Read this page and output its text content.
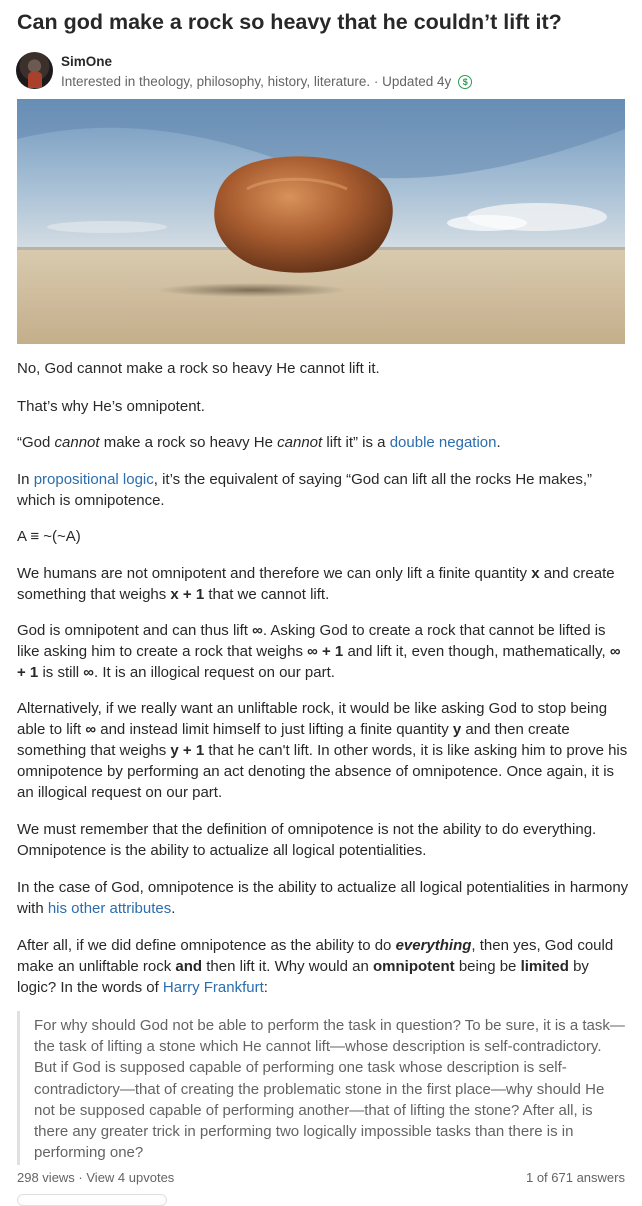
Can god make a rock so heavy that he couldn’t lift it?
SimOne
Interested in theology, philosophy, history, literature. · Updated 4y $
No, God cannot make a rock so heavy He cannot lift it.
That’s why He’s omnipotent.
“God cannot make a rock so heavy He cannot lift it” is a double negation.
In propositional logic, it’s the equivalent of saying “God can lift all the rocks He makes,” which is omnipotence.
A ≡ ~(~A)
We humans are not omnipotent and therefore we can only lift a finite quantity x and create something that weighs x + 1 that we cannot lift.
God is omnipotent and can thus lift ∞. Asking God to create a rock that cannot be lifted is like asking him to create a rock that weighs ∞ + 1 and lift it, even though, mathematically, ∞ + 1 is still ∞. It is an illogical request on our part.
Alternatively, if we really want an unliftable rock, it would be like asking God to stop being able to lift ∞ and instead limit himself to just lifting a finite quantity y and then create something that weighs y + 1 that he can't lift. In other words, it is like asking him to prove his omnipotence by performing an act denoting the absence of omnipotence. Once again, it is an illogical request on our part.
We must remember that the definition of omnipotence is not the ability to do everything. Omnipotence is the ability to actualize all logical potentialities.
In the case of God, omnipotence is the ability to actualize all logical potentialities in harmony with his other attributes.
After all, if we did define omnipotence as the ability to do everything, then yes, God could make an unliftable rock and then lift it. Why would an omnipotent being be limited by logic? In the words of Harry Frankfurt:
For why should God not be able to perform the task in question? To be sure, it is a task—the task of lifting a stone which He cannot lift—whose description is self-contradictory. But if God is supposed capable of performing one task whose description is self-contradictory—that of creating the problematic stone in the first place—why should He not be supposed capable of performing another—that of lifting the stone? After all, is there any greater trick in performing two logically impossible tasks than there is in performing one?
298 views · View 4 upvotes	1 of 671 answers
